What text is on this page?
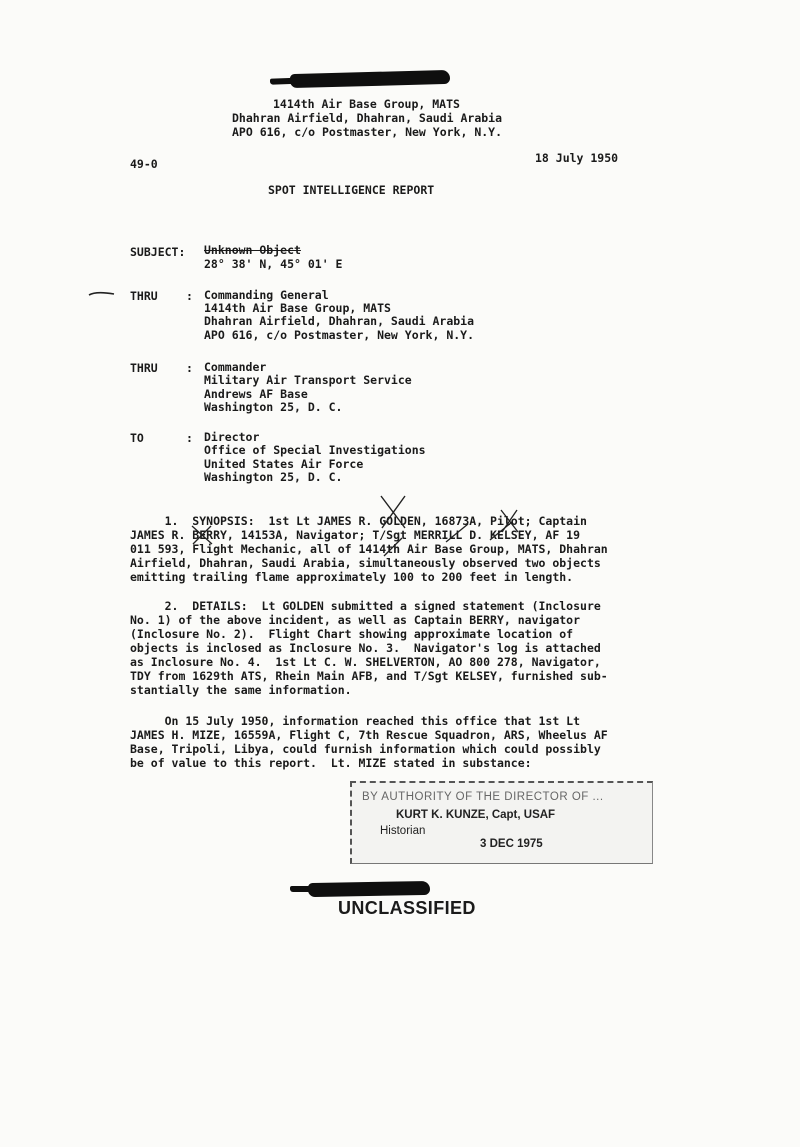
1414th Air Base Group, MATS
Dhahran Airfield, Dhahran, Saudi Arabia
APO 616, c/o Postmaster, New York, N.Y.
49-0	18 July 1950
SPOT INTELLIGENCE REPORT
SUBJECT: Unknown Object
28° 38' N, 45° 01' E
THRU : Commanding General
1414th Air Base Group, MATS
Dhahran Airfield, Dhahran, Saudi Arabia
APO 616, c/o Postmaster, New York, N.Y.
THRU : Commander
Military Air Transport Service
Andrews AF Base
Washington 25, D. C.
TO	: Director
Office of Special Investigations
United States Air Force
Washington 25, D. C.
1.  SYNOPSIS:  1st Lt JAMES R. GOLDEN, 16873A, Pilot; Captain
JAMES R. BERRY, 14153A, Navigator; T/Sgt MERRILL D. KELSEY, AF 19
011 593, Flight Mechanic, all of 1414th Air Base Group, MATS, Dhahran
Airfield, Dhahran, Saudi Arabia, simultaneously observed two objects
emitting trailing flame approximately 100 to 200 feet in length.
2.  DETAILS:  Lt GOLDEN submitted a signed statement (Inclosure
No. 1) of the above incident, as well as Captain BERRY, navigator
(Inclosure No. 2).  Flight Chart showing approximate location of
objects is inclosed as Inclosure No. 3.  Navigator's log is attached
as Inclosure No. 4.  1st Lt C. W. SHELVERTON, AO 800 278, Navigator,
TDY from 1629th ATS, Rhein Main AFB, and T/Sgt KELSEY, furnished sub-
stantially the same information.
On 15 July 1950, information reached this office that 1st Lt
JAMES H. MIZE, 16559A, Flight C, 7th Rescue Squadron, ARS, Wheelus AF
Base, Tripoli, Libya, could furnish information which could possibly
be of value to this report.  Lt. MIZE stated in substance:
BY AUTHORITY OF THE DIRECTOR OF ...
KURT K. KUNZE, Capt, USAF
Historian
3 DEC 1975
UNCLASSIFIED
